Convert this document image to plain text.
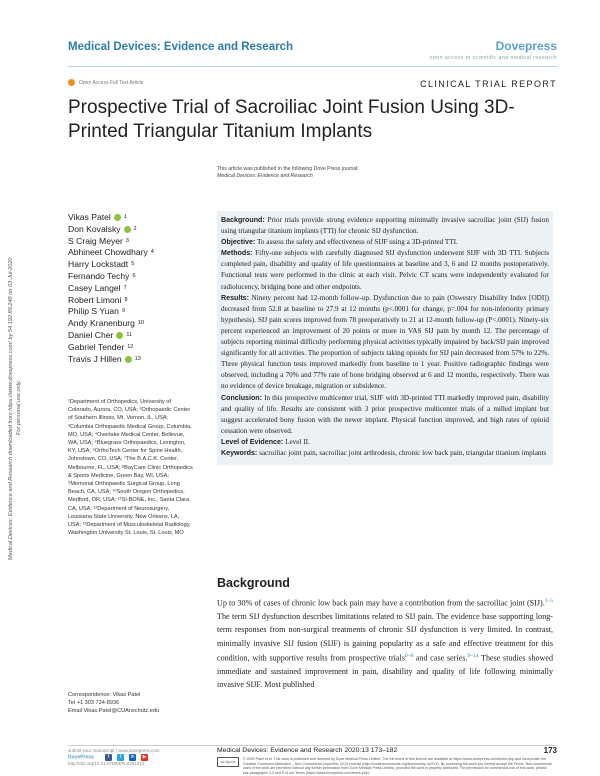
Medical Devices: Evidence and Research	Dovepress
open access to scientific and medical research
Open Access Full Text Article	CLINICAL TRIAL REPORT
Prospective Trial of Sacroiliac Joint Fusion Using 3D-Printed Triangular Titanium Implants
This article was published in the following Dove Press journal:
Medical Devices: Evidence and Research
Medical Devices: Evidence and Research downloaded from https://www.dovepress.com/ by 54.192.89.248 on 03-Jul-2020 For personal use only.
Vikas Patel 1
Don Kovalsky 2
S Craig Meyer 3
Abhineet Chowdhary 4
Harry Lockstadt 5
Fernando Techy 6
Casey Langel 7
Robert Limoni 8
Philip S Yuan 9
Andy Kranenburg 10
Daniel Cher 11
Gabriel Tender 12
Travis J Hillen 13
¹Department of Orthopedics, University of Colorado, Aurora, CO, USA; ²Orthopaedic Center of Southern Illinois, Mt. Vernon, IL, USA; ³Columbia Orthopaedic Medical Group, Columbia, MO, USA; ⁴Overlake Medical Center, Bellevue, WA, USA; ⁵Bluegrass Orthopaedics, Lexington, KY, USA; ⁶OrthoTech Center for Spine Health, Johnstown, CO, USA; ⁷The B.A.C.K. Center, Melbourne, FL, USA; ⁸BayCare Clinic Orthopedics & Sports Medicine, Green Bay, WI, USA; ⁹Memorial Orthopaedic Surgical Group, Long Beach, CA, USA; ¹⁰South Oregon Orthopedics, Medford, OR, USA; ¹¹SI-BONE, Inc., Santa Clara, CA, USA; ¹²Department of Neurosurgery, Louisiana State University, New Orleans, LA, USA; ¹³Department of Musculoskeletal Radiology, Washington University St. Louis, St. Louis, MO
Correspondence: Vikas Patel
Tel +1 303 724-8936
Email Vikas.Patel@CUAnschutz.edu

Background: Prior trials provide strong evidence supporting minimally invasive sacroiliac joint (SIJ) fusion using triangular titanium implants (TTI) for chronic SIJ dysfunction.

Objective: To assess the safety and effectiveness of SIJF using a 3D-printed TTI.

Methods: Fifty-one subjects with carefully diagnosed SIJ dysfunction underwent SIJF with 3D TTI. Subjects completed pain, disability and quality of life questionnaires at baseline and 3, 6 and 12 months postoperatively. Functional tests were performed in the clinic at each visit. Pelvic CT scans were independently evaluated for radiolucency, bridging bone and other endpoints.

Results: Ninety percent had 12-month follow-up. Dysfunction due to pain (Oswestry Disability Index [ODI]) decreased from 52.8 at baseline to 27.9 at 12 months (p<.0001 for change, p=.004 for non-inferiority primary hypothesis). SIJ pain scores improved from 78 preoperatively to 21 at 12-month follow-up (P<.0001). Ninety-six percent experienced an improvement of 20 points or more in VAS SIJ pain by month 12. The percentage of subjects reporting minimal difficulty performing physical activities typically impaired by back/SIJ pain improved significantly for all activities. The proportion of subjects taking opioids for SIJ pain decreased from 57% to 22%. Three physical function tests improved markedly from baseline to 1 year. Positive radiographic findings were observed, including a 70% and 77% rate of bone bridging observed at 6 and 12 months, respectively. There was no evidence of device breakage, migration or subsidence.

Conclusion: In this prospective multicenter trial, SIJF with 3D-printed TTI markedly improved pain, disability and quality of life. Results are consistent with 3 prior prospective multicenter trials of a milled implant but suggest accelerated bony fusion with the newer implant. Physical function improved, and high rates of opioid cessation were observed.

Level of Evidence: Level II.

Keywords: sacroiliac joint pain, sacroiliac joint arthrodesis, chronic low back pain, triangular titanium implants

Background
Up to 30% of cases of chronic low back pain may have a contribution from the sacroiliac joint (SIJ).$^{1-5}$ The term SIJ dysfunction describes limitations related to SIJ pain. The evidence base supporting long-term responses from non-surgical treatments of chronic SIJ dysfunction is very limited. In contrast, minimally invasive SIJ fusion (SIJF) is gaining popularity as a safe and effective treatment for this condition, with supportive results from prospective trials$^{6-8}$ and case series.$^{9-14}$ These studies showed immediate and sustained improvement in pain, disability and quality of life following minimally invasive SIJF. Most published
submit your manuscript | www.dovepress.com
DovePress	f	t	in	▶
http://doi.org/10.2147/MDER.S251012
Medical Devices: Evidence and Research 2020:13 173–182	173
cc by-nc	© 2020 Patel et al. This work is published and licensed by Dove Medical Press Limited. The full terms of this license are available at https://www.dovepress.com/terms.php and incorporate the Creative Commons Attribution – Non Commercial (unported, v3.0) License (http://creativecommons.org/licenses/by-nc/3.0/). By accessing the work you hereby accept the Terms. Non-commercial uses of the work are permitted without any further permission from Dove Medical Press Limited, provided the work is properly attributed. For permission for commercial use of this work, please see paragraphs 4.2 and 5 of our Terms (https://www.dovepress.com/terms.php).
